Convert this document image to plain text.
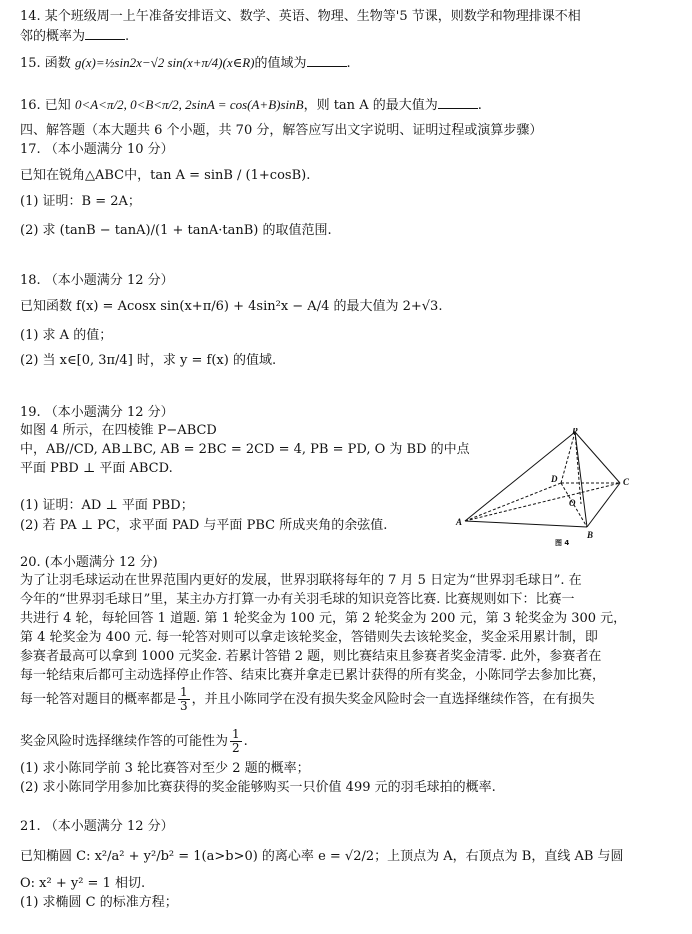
14. 某个班级周一上午准备安排语文、数学、英语、物理、生物等'5 节课，则数学和物理排课不相
邻的概率为	.
15. 函数 g(x)=½sin2x−√2 sin(x+π/4)(x∈R)的值域为	.
16. 已知 0<A<π/2, 0<B<π/2, 2sinA = cos(A+B)sinB，则 tan A 的最大值为	.
四、解答题（本大题共 6 个小题，共 70 分，解答应写出文字说明、证明过程或演算步骤）
17. （本小题满分 10 分）
已知在锐角△ABC中，tan A = sinB / (1+cosB).
(1) 证明：B = 2A；
(2) 求 (tanB − tanA)/(1 + tanA·tanB) 的取值范围.
18. （本小题满分 12 分）
已知函数 f(x) = Acosx sin(x+π/6) + 4sin²x − A/4 的最大值为 2+√3.
(1) 求 A 的值；
(2) 当 x∈[0, 3π/4] 时，求 y = f(x) 的值域.
19. （本小题满分 12 分）
如图 4 所示，在四棱锥 P−ABCD
中，AB//CD, AB⊥BC, AB = 2BC = 2CD = 4, PB = PD, O 为 BD 的中点
平面 PBD ⊥ 平面 ABCD.
(1) 证明：AD ⊥ 平面 PBD；
(2) 若 PA ⊥ PC，求平面 PAD 与平面 PBC 所成夹角的余弦值.
P
D	C
O
A
B
图 4
20. (本小题满分 12 分)
为了让羽毛球运动在世界范围内更好的发展，世界羽联将每年的 7 月 5 日定为“世界羽毛球日”. 在
今年的“世界羽毛球日”里，某主办方打算一办有关羽毛球的知识竞答比赛. 比赛规则如下：比赛一
共进行 4 轮，每轮回答 1 道题. 第 1 轮奖金为 100 元，第 2 轮奖金为 200 元，第 3 轮奖金为 300 元，
第 4 轮奖金为 400 元. 每一轮答对则可以拿走该轮奖金，答错则失去该轮奖金，奖金采用累计制，即
参赛者最高可以拿到 1000 元奖金. 若累计答错 2 题，则比赛结束且参赛者奖金清零. 此外，参赛者在
每一轮结束后都可主动选择停止作答、结束比赛并拿走已累计获得的所有奖金，小陈同学去参加比赛，
每一轮答对题目的概率都是 $\frac{1}{3}$ ，并且小陈同学在没有损失奖金风险时会一直选择继续作答，在有损失
奖金风险时选择继续作答的可能性为 $\frac{1}{2}$ .
(1) 求小陈同学前 3 轮比赛答对至少 2 题的概率；
(2) 求小陈同学用参加比赛获得的奖金能够购买一只价值 499 元的羽毛球拍的概率.
21. （本小题满分 12 分）
已知椭圆 C: x²/a² + y²/b² = 1(a>b>0) 的离心率 e = √2/2；上顶点为 A，右顶点为 B，直线 AB 与圆
O: x² + y² = 1 相切.
(1) 求椭圆 C 的标准方程；
